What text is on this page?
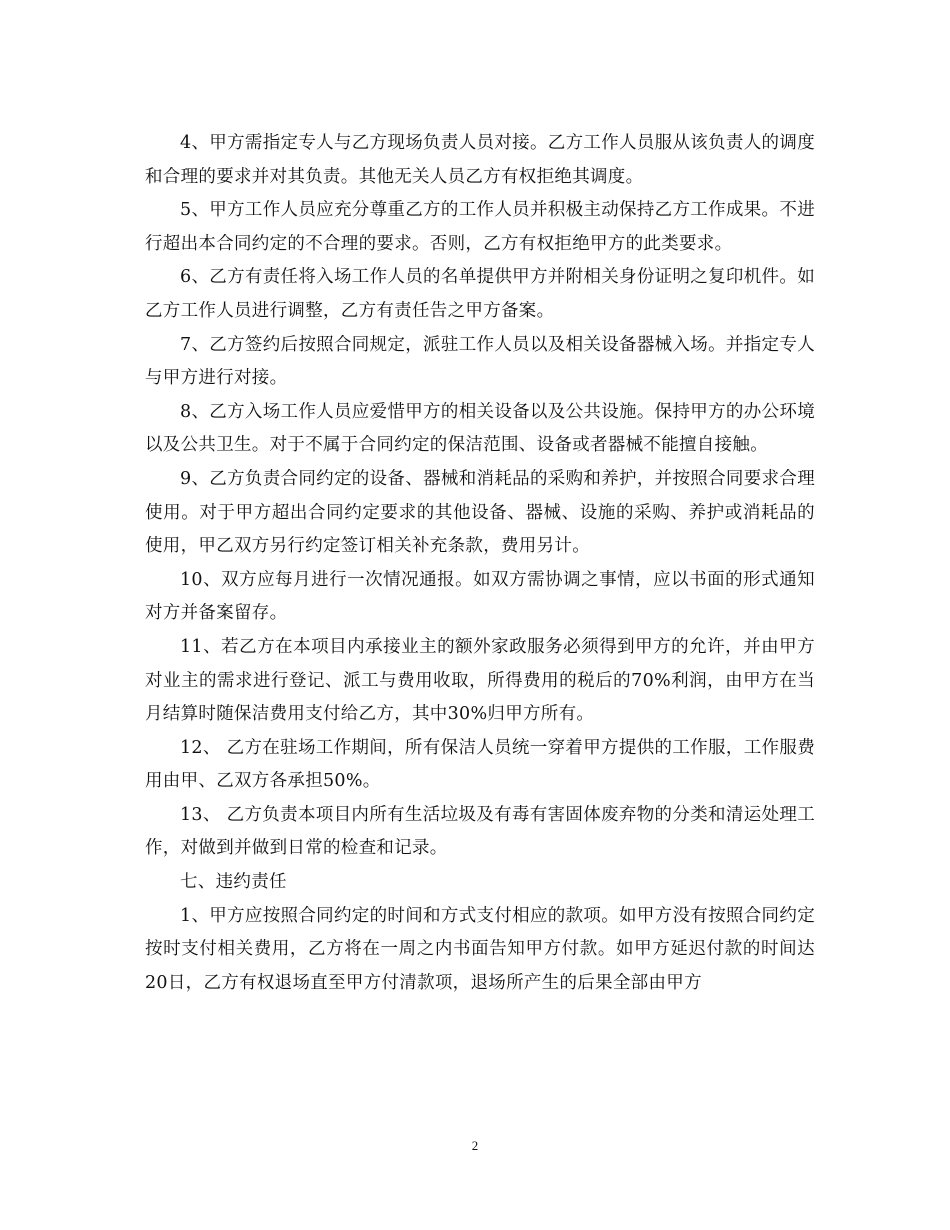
4、甲方需指定专人与乙方现场负责人员对接。乙方工作人员服从该负责人的调度和合理的要求并对其负责。其他无关人员乙方有权拒绝其调度。

5、甲方工作人员应充分尊重乙方的工作人员并积极主动保持乙方工作成果。不进行超出本合同约定的不合理的要求。否则，乙方有权拒绝甲方的此类要求。

6、乙方有责任将入场工作人员的名单提供甲方并附相关身份证明之复印机件。如乙方工作人员进行调整，乙方有责任告之甲方备案。

7、乙方签约后按照合同规定，派驻工作人员以及相关设备器械入场。并指定专人与甲方进行对接。

8、乙方入场工作人员应爱惜甲方的相关设备以及公共设施。保持甲方的办公环境以及公共卫生。对于不属于合同约定的保洁范围、设备或者器械不能擅自接触。

9、乙方负责合同约定的设备、器械和消耗品的采购和养护，并按照合同要求合理使用。对于甲方超出合同约定要求的其他设备、器械、设施的采购、养护或消耗品的使用，甲乙双方另行约定签订相关补充条款，费用另计。

10、双方应每月进行一次情况通报。如双方需协调之事情，应以书面的形式通知对方并备案留存。

11、若乙方在本项目内承接业主的额外家政服务必须得到甲方的允许，并由甲方对业主的需求进行登记、派工与费用收取，所得费用的税后的70%利润，由甲方在当月结算时随保洁费用支付给乙方，其中30%归甲方所有。

12、 乙方在驻场工作期间，所有保洁人员统一穿着甲方提供的工作服，工作服费用由甲、乙双方各承担50%。

13、 乙方负责本项目内所有生活垃圾及有毒有害固体废弃物的分类和清运处理工作，对做到并做到日常的检查和记录。

七、违约责任

1、甲方应按照合同约定的时间和方式支付相应的款项。如甲方没有按照合同约定按时支付相关费用，乙方将在一周之内书面告知甲方付款。如甲方延迟付款的时间达20日，乙方有权退场直至甲方付清款项，退场所产生的后果全部由甲方

2
